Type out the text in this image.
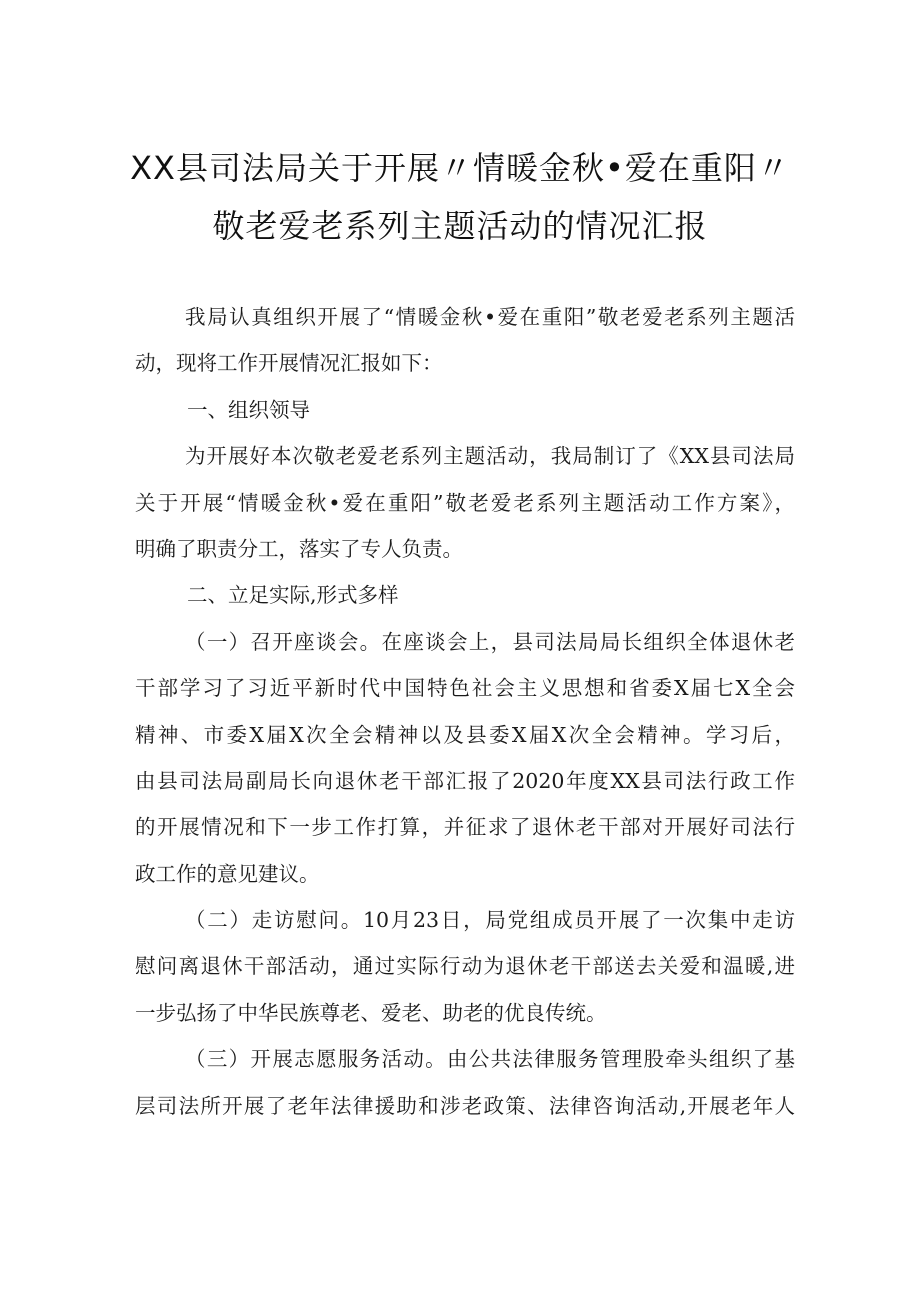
XX县司法局关于开展〃情暖金秋•爱在重阳〃
敬老爱老系列主题活动的情况汇报
我局认真组织开展了“情暖金秋•爱在重阳”敬老爱老系列主题活
动，现将工作开展情况汇报如下：
一、组织领导
为开展好本次敬老爱老系列主题活动，我局制订了《XX县司法局
关于开展“情暖金秋•爱在重阳”敬老爱老系列主题活动工作方案》，
明确了职责分工，落实了专人负责。
二、立足实际,形式多样
（一）召开座谈会。在座谈会上，县司法局局长组织全体退休老
干部学习了习近平新时代中国特色社会主义思想和省委X届七X全会
精神、市委X届X次全会精神以及县委X届X次全会精神。学习后，
由县司法局副局长向退休老干部汇报了2020年度XX县司法行政工作
的开展情况和下一步工作打算，并征求了退休老干部对开展好司法行
政工作的意见建议。
（二）走访慰问。10月23日，局党组成员开展了一次集中走访
慰问离退休干部活动，通过实际行动为退休老干部送去关爱和温暖,进
一步弘扬了中华民族尊老、爱老、助老的优良传统。
（三）开展志愿服务活动。由公共法律服务管理股牵头组织了基
层司法所开展了老年法律援助和涉老政策、法律咨询活动,开展老年人
